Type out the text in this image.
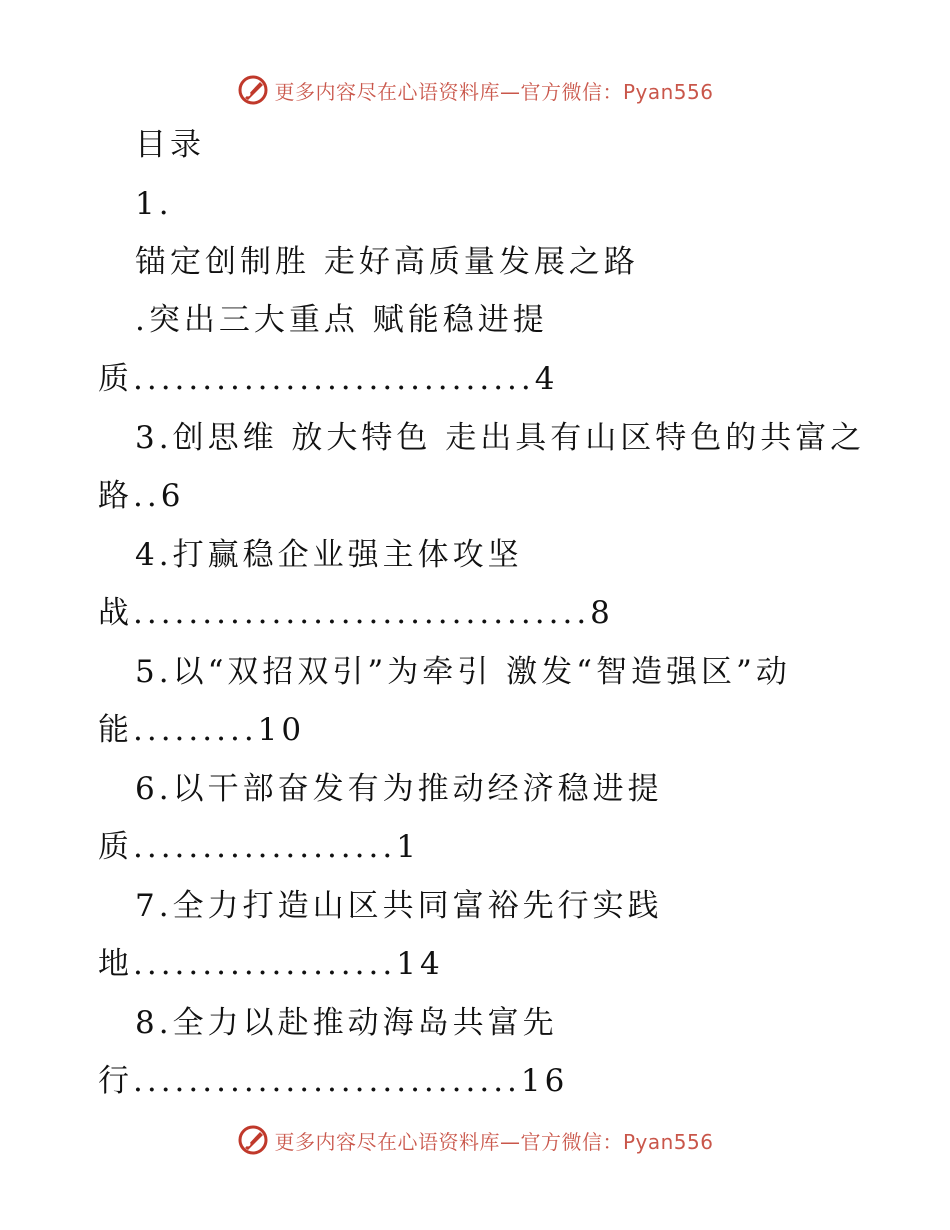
更多内容尽在心语资料库—官方微信：Pyan556
目录
1.
锚定创制胜 走好高质量发展之路
.突出三大重点 赋能稳进提
质.............................4
3.创思维 放大特色 走出具有山区特色的共富之
路..6
4.打赢稳企业强主体攻坚
战.................................8
5.以“双招双引”为牵引 激发“智造强区”动
能.........10
6.以干部奋发有为推动经济稳进提
质...................1
7.全力打造山区共同富裕先行实践
地...................14
8.全力以赴推动海岛共富先
行............................16
更多内容尽在心语资料库—官方微信：Pyan556
